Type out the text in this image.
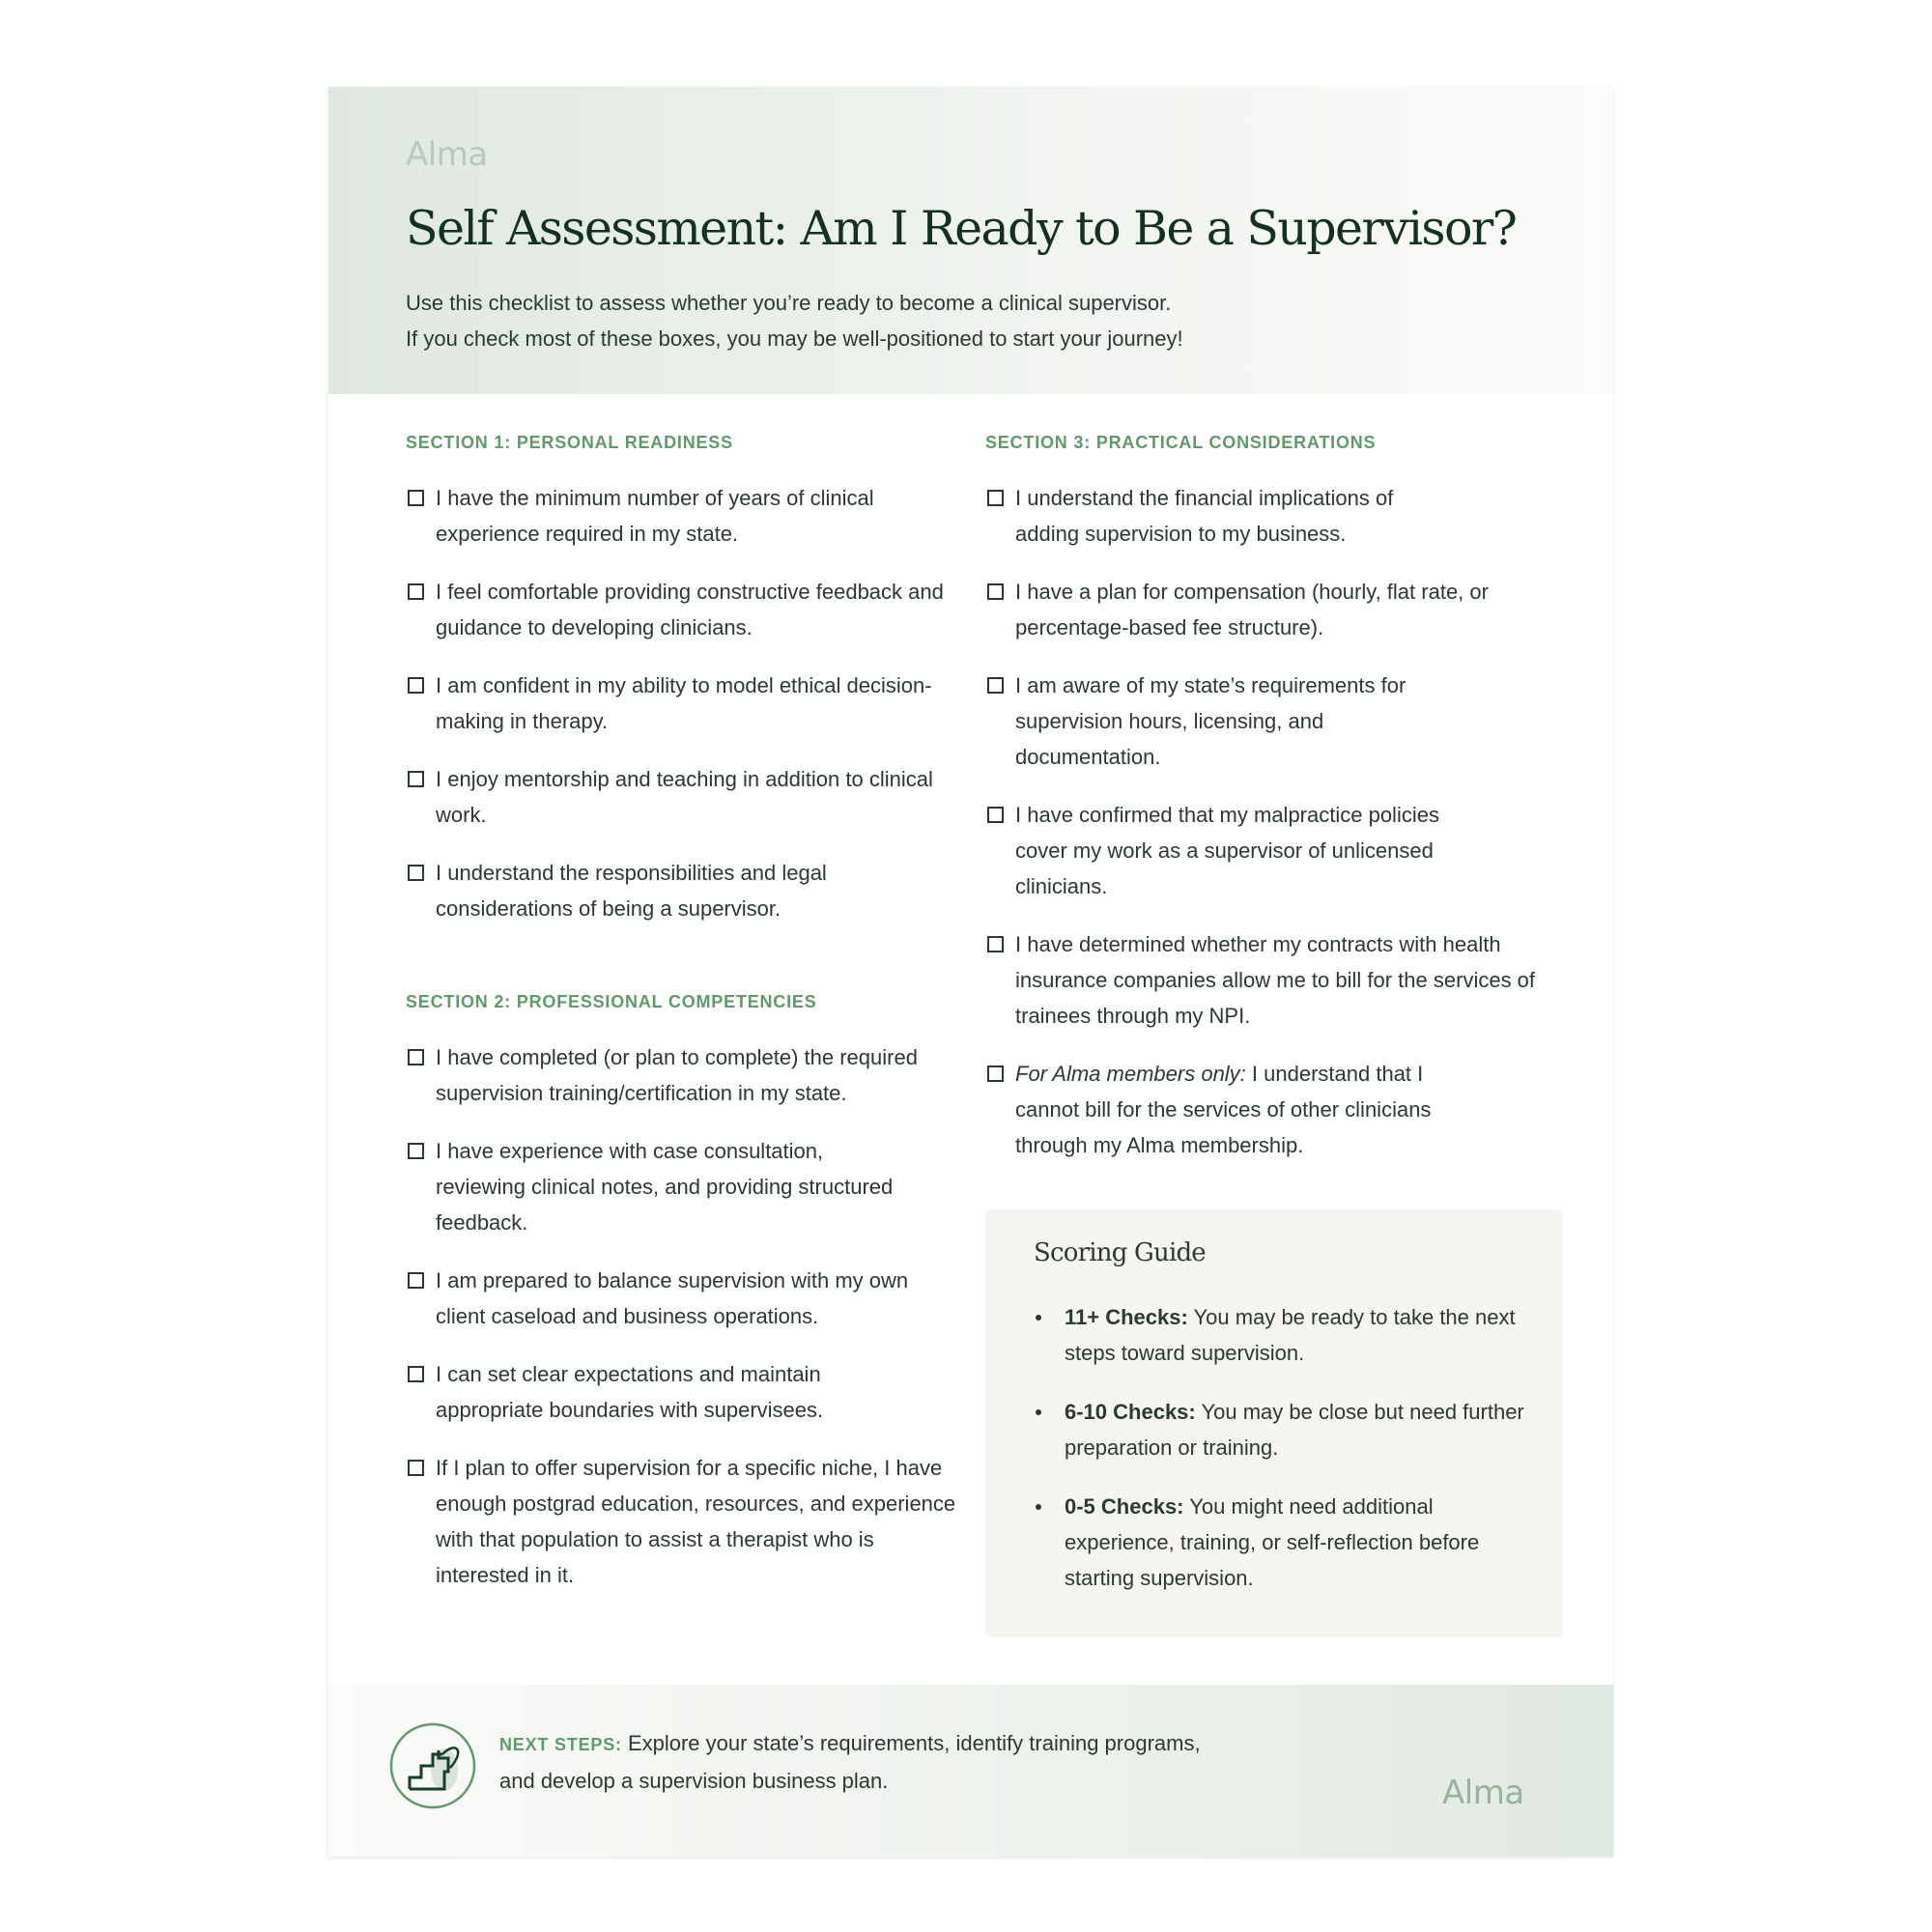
Alma
Self Assessment: Am I Ready to Be a Supervisor?
Use this checklist to assess whether you’re ready to become a clinical supervisor.
If you check most of these boxes, you may be well-positioned to start your journey!
SECTION 1: PERSONAL READINESS
I have the minimum number of years of clinical experience required in my state.
I feel comfortable providing constructive feedback and guidance to developing clinicians.
I am confident in my ability to model ethical decision-making in therapy.
I enjoy mentorship and teaching in addition to clinical work.
I understand the responsibilities and legal considerations of being a supervisor.
SECTION 2: PROFESSIONAL COMPETENCIES
I have completed (or plan to complete) the required supervision training/certification in my state.
I have experience with case consultation, reviewing clinical notes, and providing structured feedback.
I am prepared to balance supervision with my own client caseload and business operations.
I can set clear expectations and maintain appropriate boundaries with supervisees.
If I plan to offer supervision for a specific niche, I have enough postgrad education, resources, and experience with that population to assist a therapist who is interested in it.
SECTION 3: PRACTICAL CONSIDERATIONS
I understand the financial implications of adding supervision to my business.
I have a plan for compensation (hourly, flat rate, or percentage-based fee structure).
I am aware of my state’s requirements for supervision hours, licensing, and documentation.
I have confirmed that my malpractice policies cover my work as a supervisor of unlicensed clinicians.
I have determined whether my contracts with health insurance companies allow me to bill for the services of trainees through my NPI.
For Alma members only: I understand that I cannot bill for the services of other clinicians through my Alma membership.
Scoring Guide
11+ Checks: You may be ready to take the next steps toward supervision.
6-10 Checks: You may be close but need further preparation or training.
0-5 Checks: You might need additional experience, training, or self-reflection before starting supervision.
NEXT STEPS: Explore your state’s requirements, identify training programs, and develop a supervision business plan.	Alma
